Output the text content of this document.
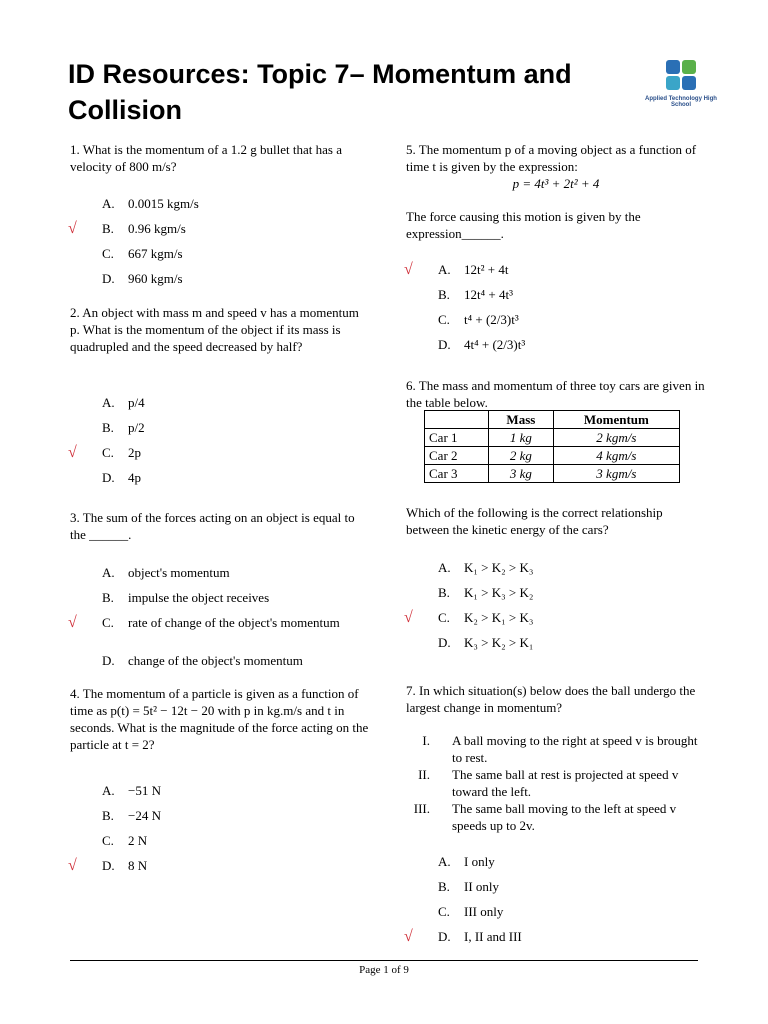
ID Resources: Topic 7– Momentum and Collision	Applied Technology High School
1. What is the momentum of a 1.2 g bullet that has a velocity of 800 m/s?
A. 0.0015 kgm/s
√ B. 0.96 kgm/s
C. 667 kgm/s
D. 960 kgm/s
2. An object with mass m and speed v has a momentum p. What is the momentum of the object if its mass is quadrupled and the speed decreased by half?
A. p/4
B. p/2
√ C. 2p
D. 4p
3. The sum of the forces acting on an object is equal to the ______.
A. object's momentum
B. impulse the object receives
√ C. rate of change of the object's momentum
D. change of the object's momentum
4. The momentum of a particle is given as a function of time as p(t) = 5t² − 12t − 20 with p in kg.m/s and t in seconds. What is the magnitude of the force acting on the particle at t = 2?
A. −51 N
B. −24 N
C. 2 N
√ D. 8 N
5. The momentum p of a moving object as a function of time t is given by the expression:
p = 4t³ + 2t² + 4
The force causing this motion is given by the expression______.
√ A. 12t² + 4t
B. 12t⁴ + 4t³
C. t⁴ + (2/3)t³
D. 4t⁴ + (2/3)t³
6. The mass and momentum of three toy cars are given in the table below.
	Mass	Momentum
Car 1	1 kg	2 kgm/s
Car 2	2 kg	4 kgm/s
Car 3	3 kg	3 kgm/s
Which of the following is the correct relationship between the kinetic energy of the cars?
A. K₁ > K₂ > K₃
B. K₁ > K₃ > K₂
√ C. K₂ > K₁ > K₃
D. K₃ > K₂ > K₁
7. In which situation(s) below does the ball undergo the largest change in momentum?
I. A ball moving to the right at speed v is brought to rest.
II. The same ball at rest is projected at speed v toward the left.
III. The same ball moving to the left at speed v speeds up to 2v.
A. I only
B. II only
C. III only
√ D. I, II and III
Page 1 of 9
